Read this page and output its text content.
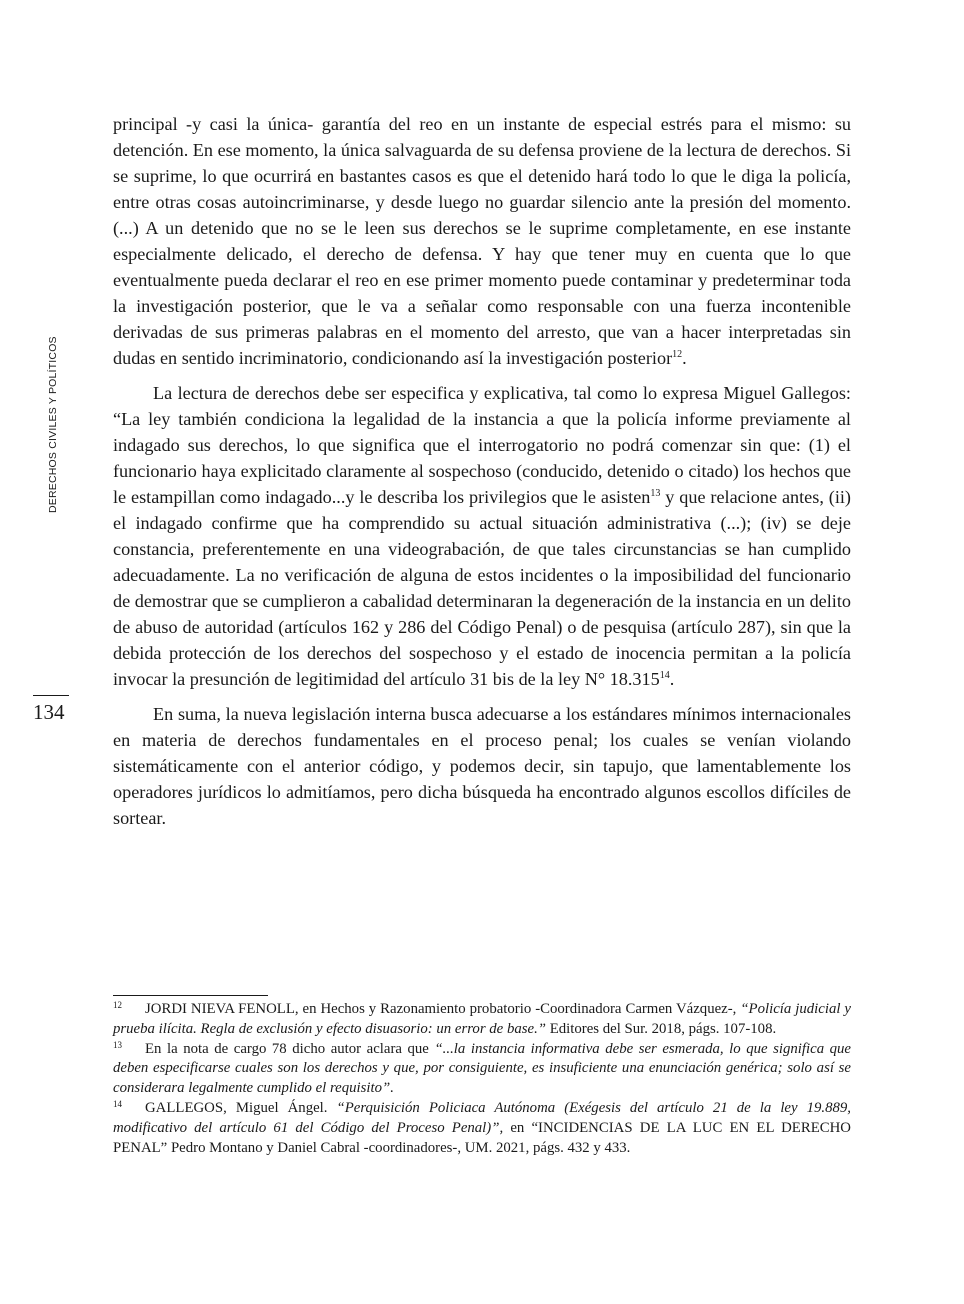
DERECHOS CIVILES Y POLÍTICOS
134

principal -y casi la única- garantía del reo en un instante de especial estrés para el mismo: su detención. En ese momento, la única salvaguarda de su defensa proviene de la lectura de derechos. Si se suprime, lo que ocurrirá en bastantes casos es que el detenido hará todo lo que le diga la policía, entre otras cosas autoincriminarse, y desde luego no guardar silencio ante la presión del momento. (...) A un detenido que no se le leen sus derechos se le suprime completamente, en ese instante especialmente delicado, el derecho de defensa. Y hay que tener muy en cuenta que lo que eventualmente pueda declarar el reo en ese primer momento puede contaminar y predeterminar toda la investigación posterior, que le va a señalar como responsable con una fuerza incontenible derivadas de sus primeras palabras en el momento del arresto, que van a hacer interpretadas sin dudas en sentido incriminatorio, condicionando así la investigación posterior$^{12}$.

La lectura de derechos debe ser especifica y explicativa, tal como lo expresa Miguel Gallegos: “La ley también condiciona la legalidad de la instancia a que la policía informe previamente al indagado sus derechos, lo que significa que el interrogatorio no podrá comenzar sin que: (1) el funcionario haya explicitado claramente al sospechoso (conducido, detenido o citado) los hechos que le estampillan como indagado...y le describa los privilegios que le asisten$^{13}$ y que relacione antes, (ii) el indagado confirme que ha comprendido su actual situación administrativa (...); (iv) se deje constancia, preferentemente en una videograbación, de que tales circunstancias se han cumplido adecuadamente. La no verificación de alguna de estos incidentes o la imposibilidad del funcionario de demostrar que se cumplieron a cabalidad determinaran la degeneración de la instancia en un delito de abuso de autoridad (artículos 162 y 286 del Código Penal) o de pesquisa (artículo 287), sin que la debida protección de los derechos del sospechoso y el estado de inocencia permitan a la policía invocar la presunción de legitimidad del artículo 31 bis de la ley N° 18.315$^{14}$.

En suma, la nueva legislación interna busca adecuarse a los estándares mínimos internacionales en materia de derechos fundamentales en el proceso penal; los cuales se venían violando sistemáticamente con el anterior código, y podemos decir, sin tapujo, que lamentablemente los operadores jurídicos lo admitíamos, pero dicha búsqueda ha encontrado algunos escollos difíciles de sortear.

12 JORDI NIEVA FENOLL, en Hechos y Razonamiento probatorio -Coordinadora Carmen Vázquez-, “Policía judicial y prueba ilícita. Regla de exclusión y efecto disuasorio: un error de base.” Editores del Sur. 2018, págs. 107-108.

13 En la nota de cargo 78 dicho autor aclara que “...la instancia informativa debe ser esmerada, lo que significa que deben especificarse cuales son los derechos y que, por consiguiente, es insuficiente una enunciación genérica; solo así se considerara legalmente cumplido el requisito”.

14 GALLEGOS, Miguel Ángel. “Perquisición Policiaca Autónoma (Exégesis del artículo 21 de la ley 19.889, modificativo del artículo 61 del Código del Proceso Penal)”, en “INCIDENCIAS DE LA LUC EN EL DERECHO PENAL” Pedro Montano y Daniel Cabral -coordinadores-, UM. 2021, págs. 432 y 433.
